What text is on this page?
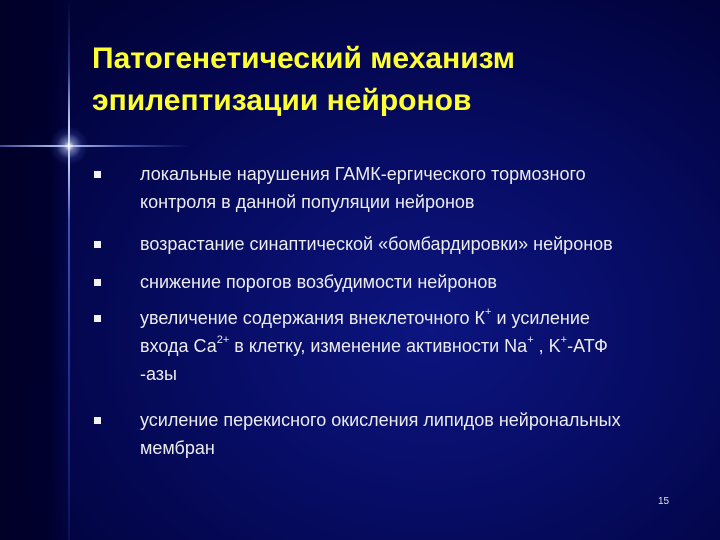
Патогенетический механизм
эпилептизации нейронов
локальные нарушения ГАМК-ергического тормозного
контроля в данной популяции нейронов
возрастание синаптической «бомбардировки» нейронов
снижение порогов возбудимости нейронов
увеличение содержания внеклеточного К+ и усиление
входа $Са^{2+}$ в клетку, изменение активности Na+ , K+-АТФ
-азы
усиление перекисного окисления липидов нейрональных
мембран
15
